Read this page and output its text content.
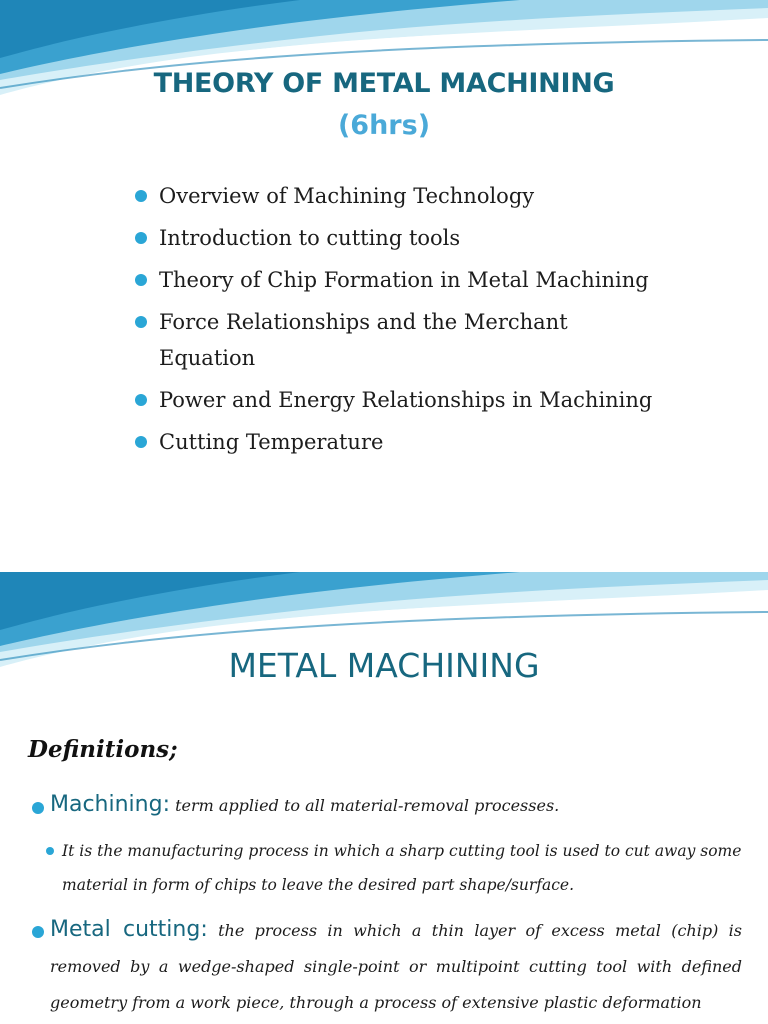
THEORY OF METAL MACHINING
(6hrs)
Overview of Machining Technology
Introduction to cutting tools
Theory of Chip Formation in Metal Machining
Force Relationships and the Merchant Equation
Power and Energy Relationships in Machining
Cutting Temperature
METAL MACHINING
Definitions;
Machining: term applied to all material-removal processes.
It is the manufacturing process in which a sharp cutting tool is used to cut away some material in form of chips to leave the desired part shape/surface.
Metal cutting: the process in which a thin layer of excess metal (chip) is removed by a wedge-shaped single-point or multipoint cutting tool with defined geometry from a work piece, through a process of extensive plastic deformation
